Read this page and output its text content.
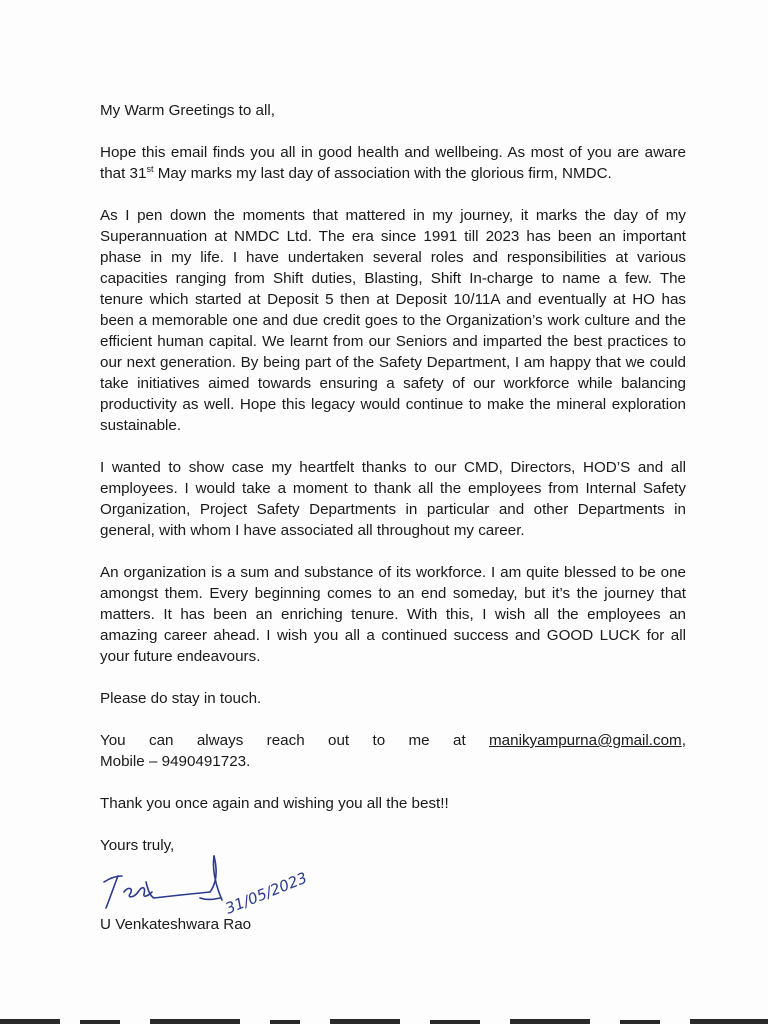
My Warm Greetings to all,

Hope this email finds you all in good health and wellbeing. As most of you are aware that 31st May marks my last day of association with the glorious firm, NMDC.

As I pen down the moments that mattered in my journey, it marks the day of my Superannuation at NMDC Ltd. The era since 1991 till 2023 has been an important phase in my life. I have undertaken several roles and responsibilities at various capacities ranging from Shift duties, Blasting, Shift In-charge to name a few. The tenure which started at Deposit 5 then at Deposit 10/11A and eventually at HO has been a memorable one and due credit goes to the Organization’s work culture and the efficient human capital. We learnt from our Seniors and imparted the best practices to our next generation. By being part of the Safety Department, I am happy that we could take initiatives aimed towards ensuring a safety of our workforce while balancing productivity as well. Hope this legacy would continue to make the mineral exploration sustainable.

I wanted to show case my heartfelt thanks to our CMD, Directors, HOD’S and all employees. I would take a moment to thank all the employees from Internal Safety Organization, Project Safety Departments in particular and other Departments in general, with whom I have associated all throughout my career.

An organization is a sum and substance of its workforce. I am quite blessed to be one amongst them. Every beginning comes to an end someday, but it’s the journey that matters. It has been an enriching tenure. With this, I wish all the employees an amazing career ahead. I wish you all a continued success and GOOD LUCK for all your future endeavours.

Please do stay in touch.

You can always reach out to me at manikyampurna@gmail.com,
Mobile – 9490491723.

Thank you once again and wishing you all the best!!

Yours truly,

31/05/2023
U Venkateshwara Rao
